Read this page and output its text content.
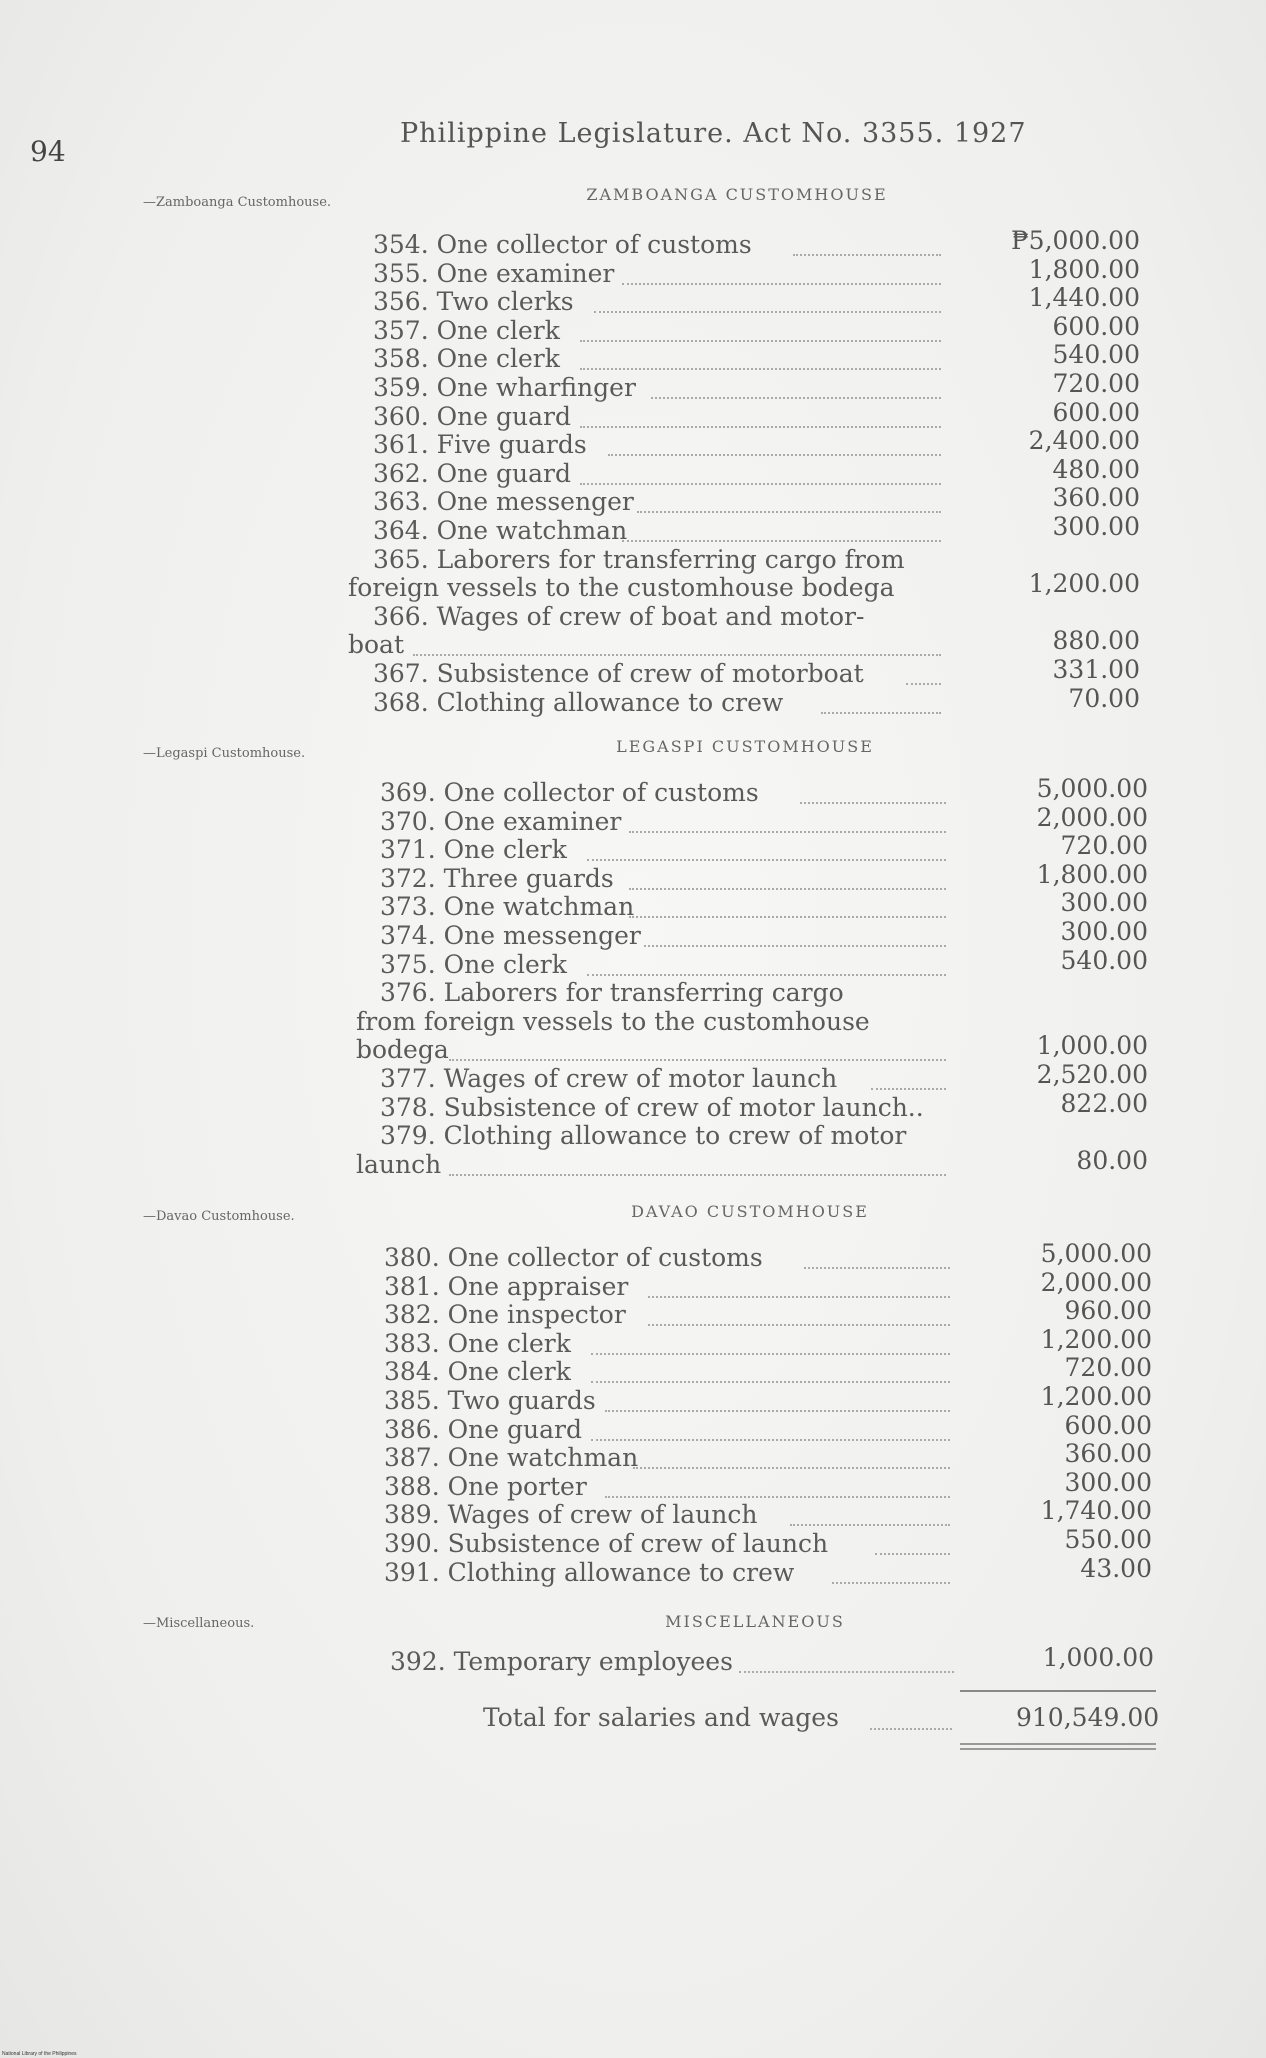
94
Philippine Legislature. Act No. 3355. 1927
ZAMBOANGA CUSTOMHOUSE
—Zamboanga Customhouse.
354. One collector of customs	₱5,000.00
355. One examiner	1,800.00
356. Two clerks	1,440.00
357. One clerk	600.00
358. One clerk	540.00
359. One wharfinger	720.00
360. One guard	600.00
361. Five guards	2,400.00
362. One guard	480.00
363. One messenger	360.00
364. One watchman	300.00
365. Laborers for transferring cargo from
foreign vessels to the customhouse bodega	1,200.00
366. Wages of crew of boat and motor-
boat	880.00
367. Subsistence of crew of motorboat	331.00
368. Clothing allowance to crew	70.00
LEGASPI CUSTOMHOUSE
—Legaspi Customhouse.
369. One collector of customs	5,000.00
370. One examiner	2,000.00
371. One clerk	720.00
372. Three guards	1,800.00
373. One watchman	300.00
374. One messenger	300.00
375. One clerk	540.00
376. Laborers for transferring cargo
from foreign vessels to the customhouse
bodega	1,000.00
377. Wages of crew of motor launch	2,520.00
378. Subsistence of crew of motor launch..	822.00
379. Clothing allowance to crew of motor
launch	80.00
DAVAO CUSTOMHOUSE
—Davao Customhouse.
380. One collector of customs	5,000.00
381. One appraiser	2,000.00
382. One inspector	960.00
383. One clerk	1,200.00
384. One clerk	720.00
385. Two guards	1,200.00
386. One guard	600.00
387. One watchman	360.00
388. One porter	300.00
389. Wages of crew of launch	1,740.00
390. Subsistence of crew of launch	550.00
391. Clothing allowance to crew	43.00
MISCELLANEOUS
—Miscellaneous.
392. Temporary employees	1,000.00
Total for salaries and wages	910,549.00
National Library of the Philippines
